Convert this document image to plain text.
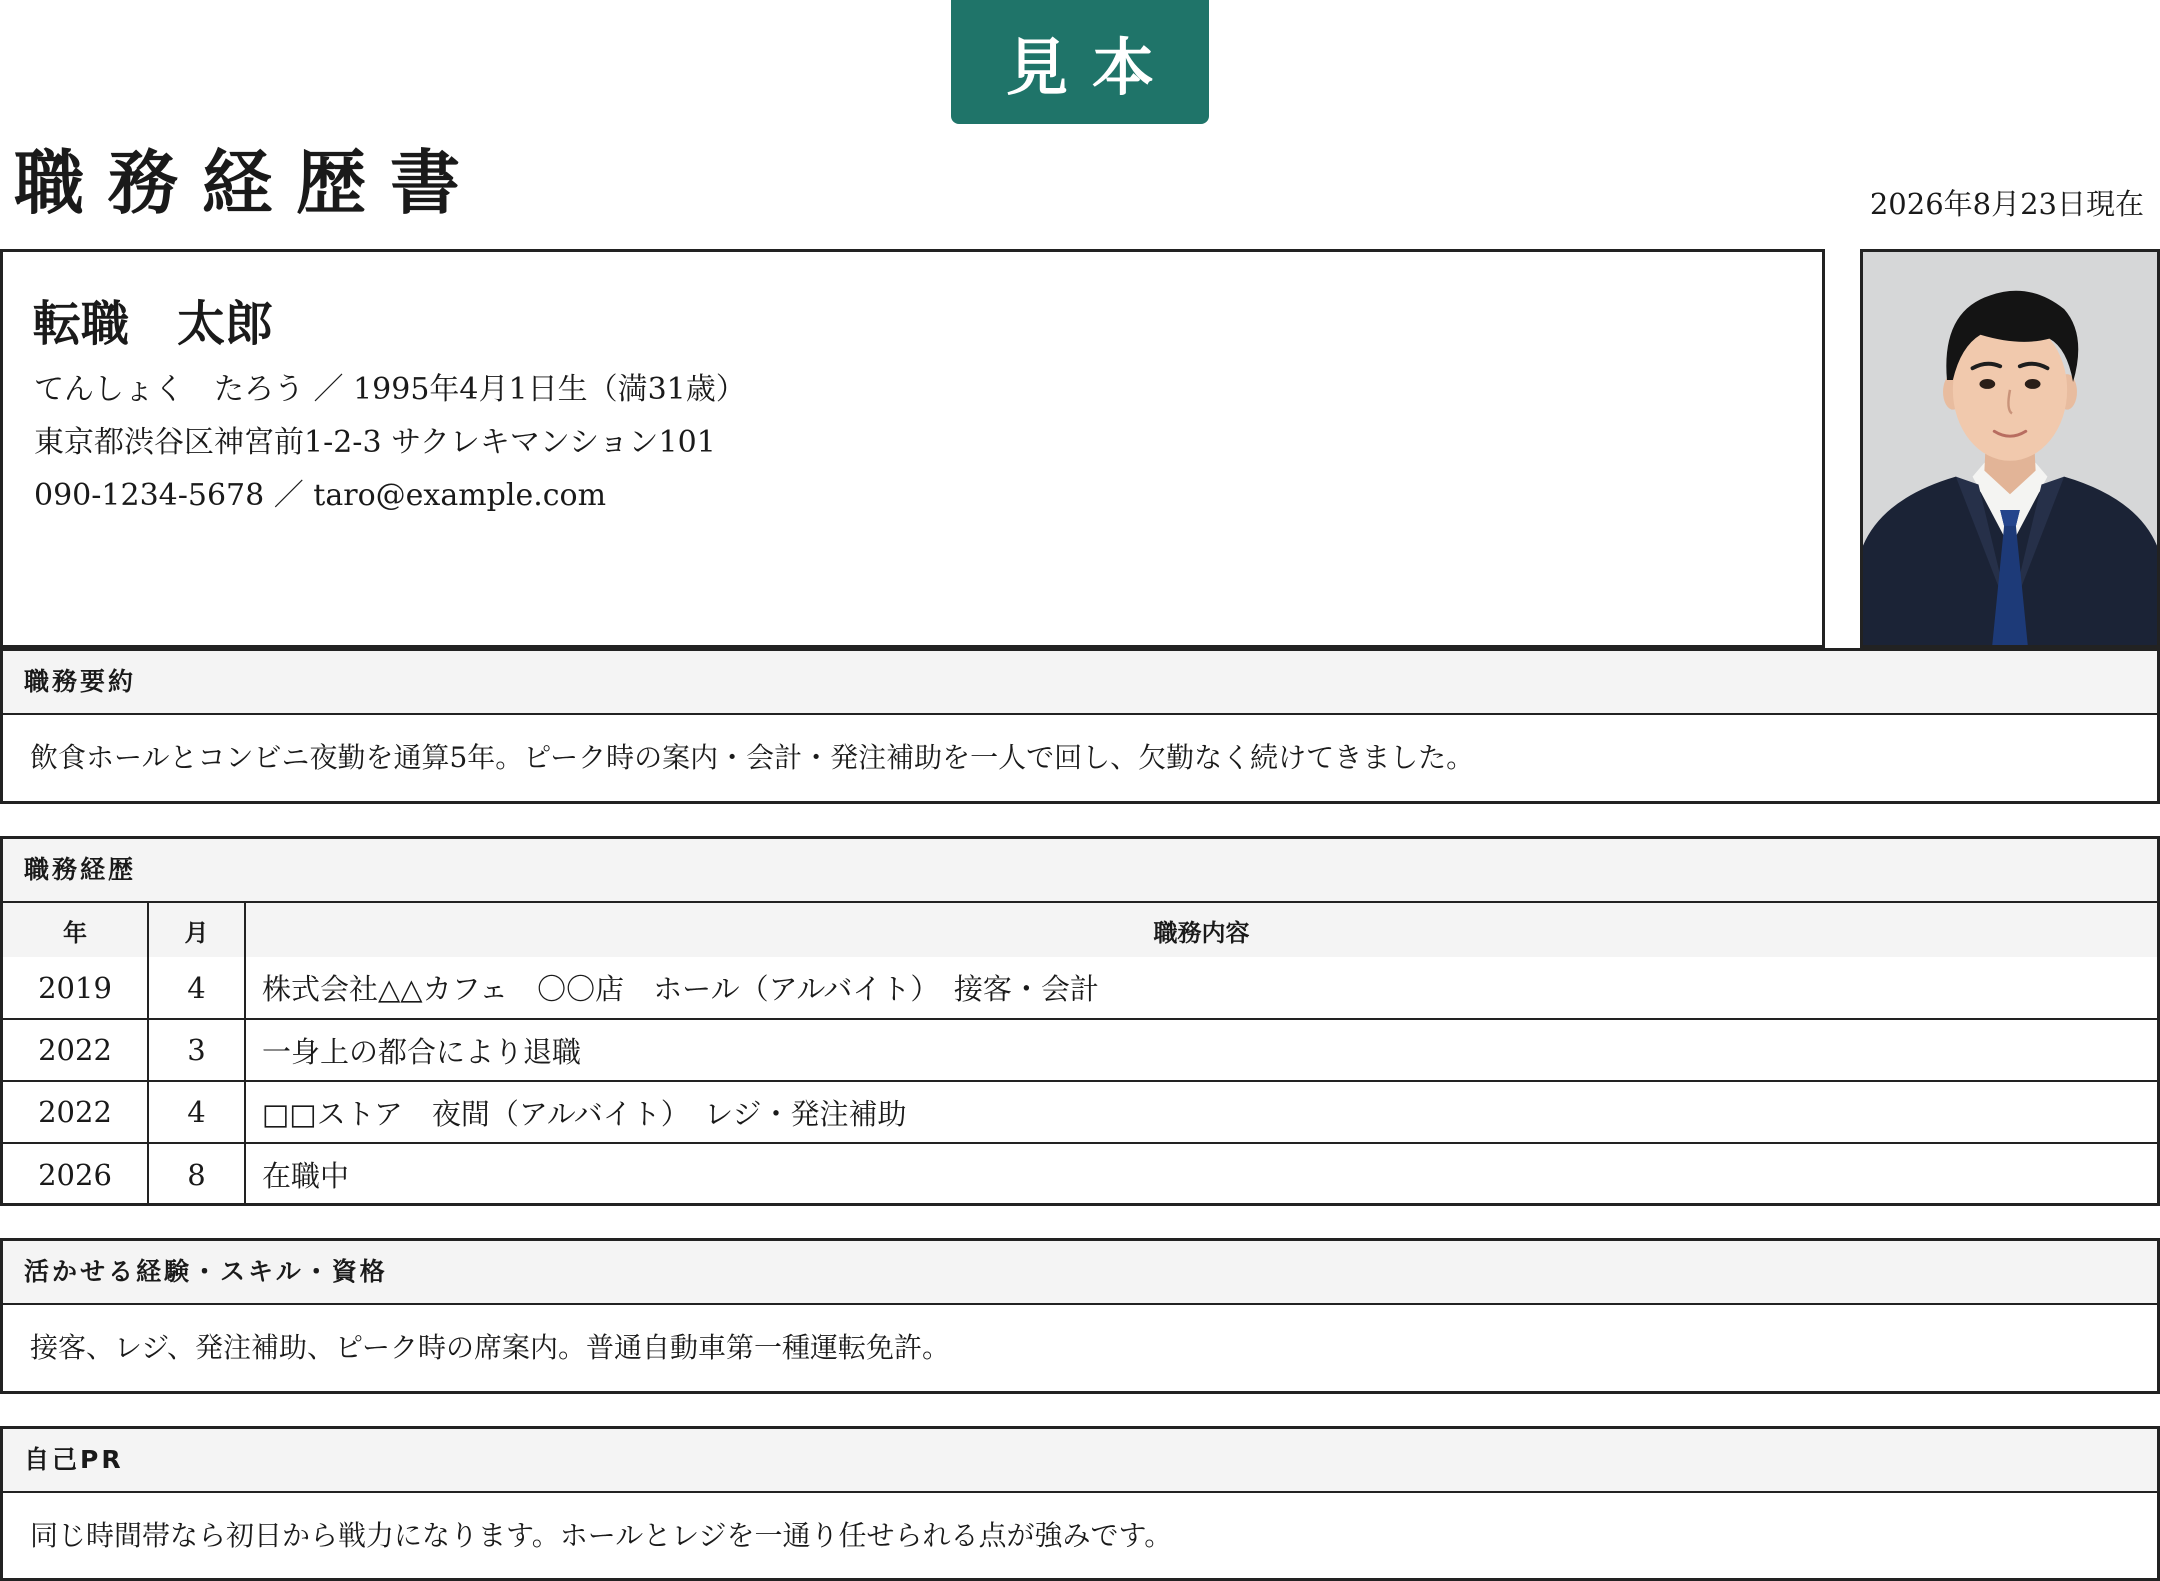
見本
職務経歴書	2026年8月23日現在
転職　太郎
てんしょく　たろう ／ 1995年4月1日生（満31歳）
東京都渋谷区神宮前1-2-3 サクレキマンション101
090-1234-5678 ／ taro@example.com
職務要約
飲食ホールとコンビニ夜勤を通算5年。ピーク時の案内・会計・発注補助を一人で回し、欠勤なく続けてきました。
職務経歴
年	月	職務内容
2019	4	株式会社△△カフェ　〇〇店　ホール（アルバイト）　接客・会計
2022	3	一身上の都合により退職
2022	4	□□ストア　夜間（アルバイト）　レジ・発注補助
2026	8	在職中
活かせる経験・スキル・資格
接客、レジ、発注補助、ピーク時の席案内。普通自動車第一種運転免許。
自己PR
同じ時間帯なら初日から戦力になります。ホールとレジを一通り任せられる点が強みです。
